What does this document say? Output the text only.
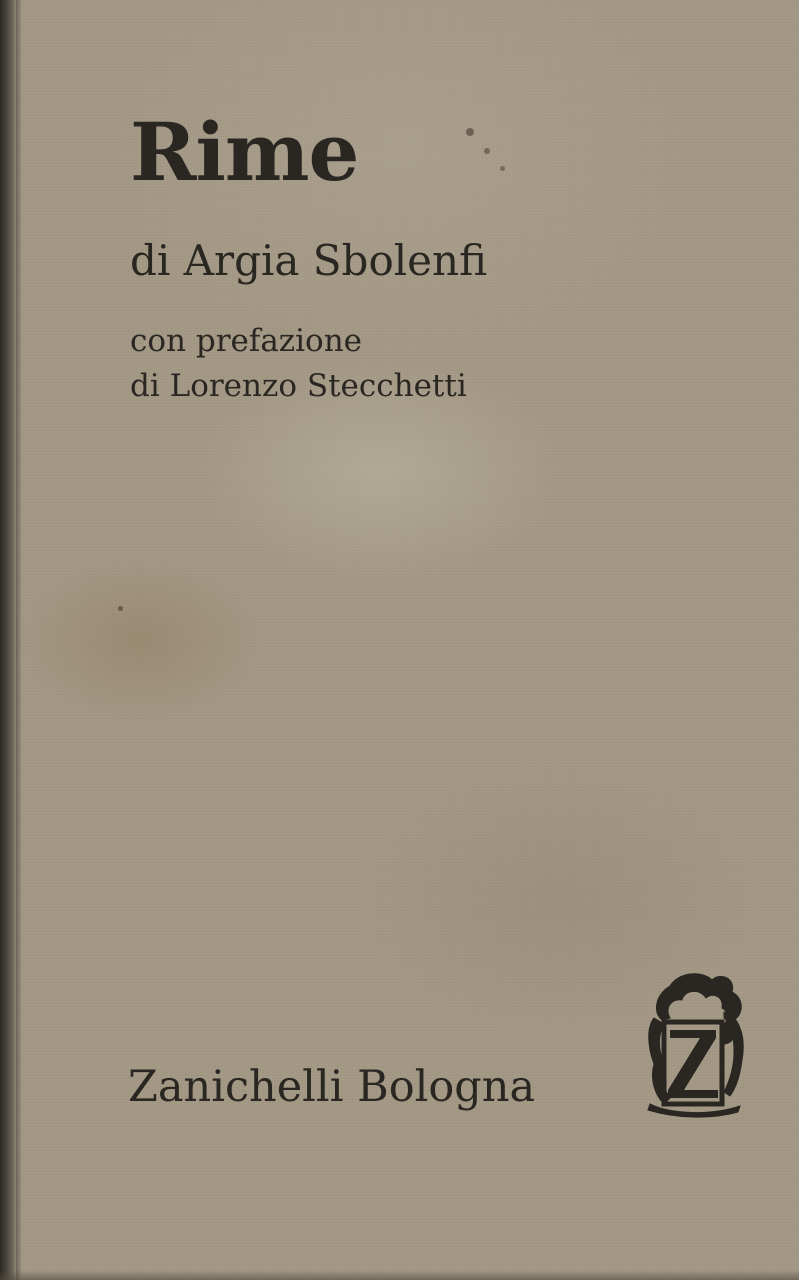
Rime

di Argia Sbolenfi

con prefazione

di Lorenzo Stecchetti

Zanichelli Bologna	Z
